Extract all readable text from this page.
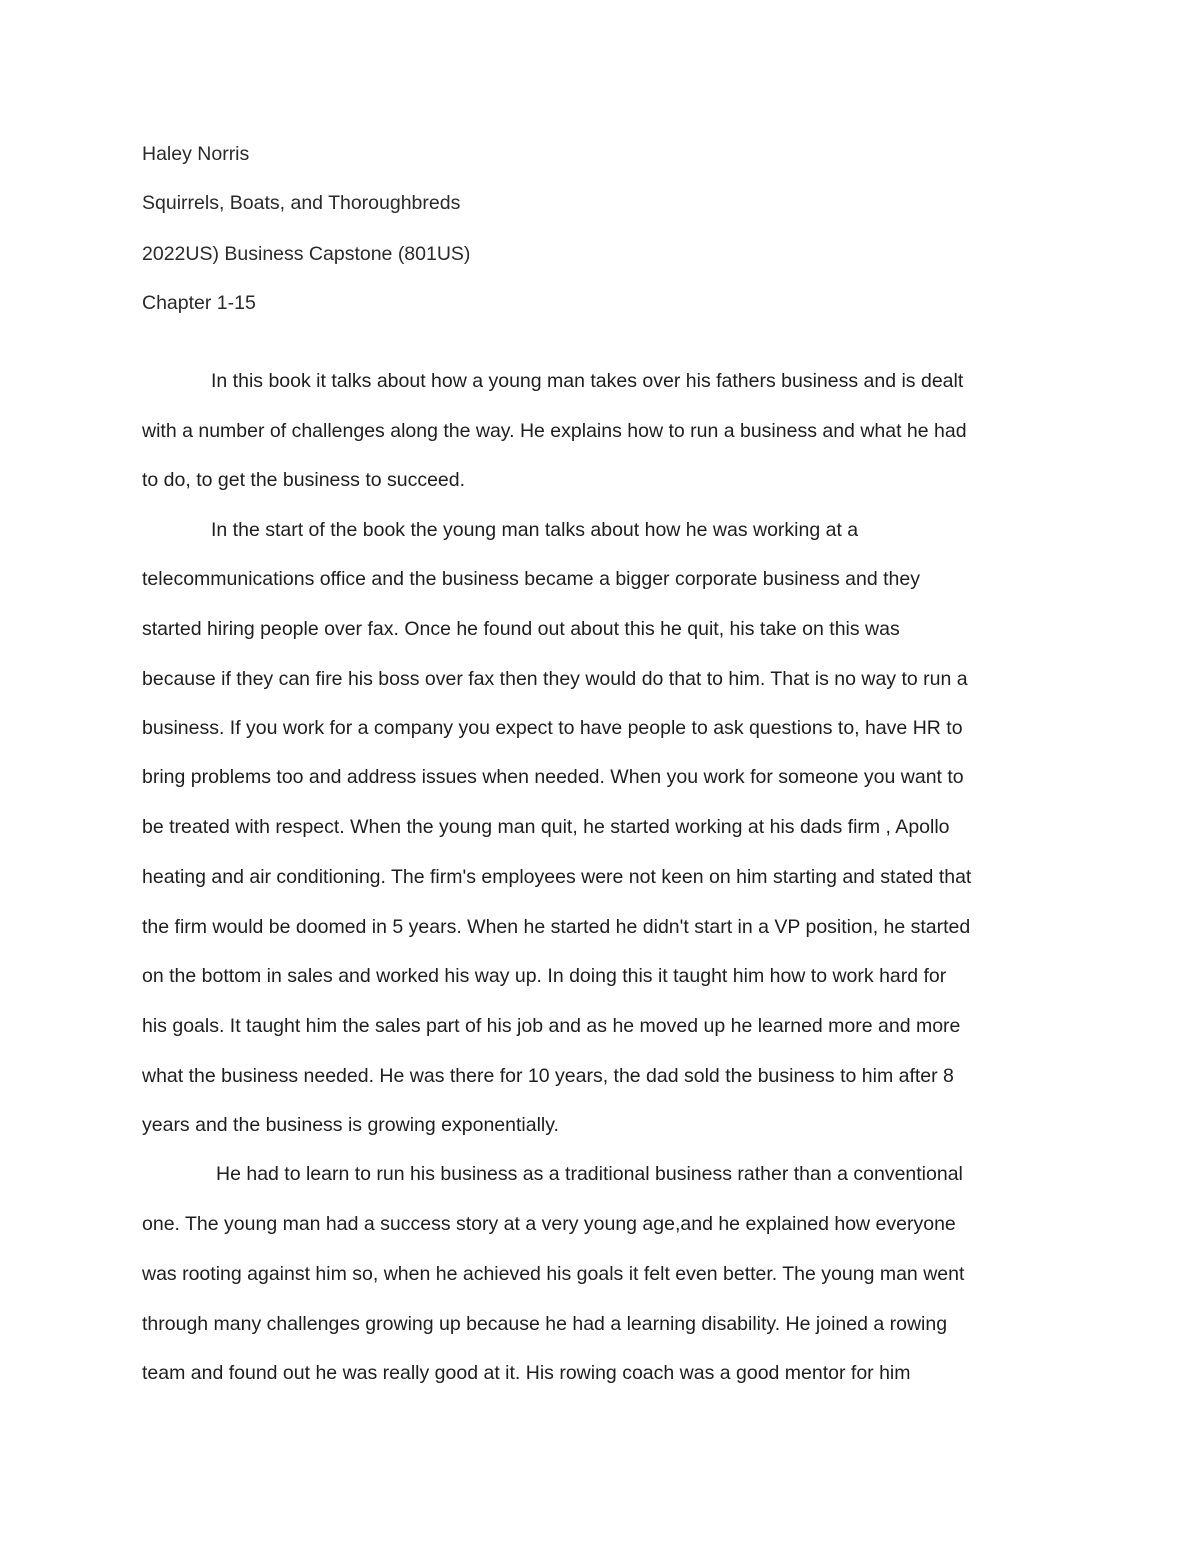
Haley Norris

Squirrels, Boats, and Thoroughbreds

2022US) Business Capstone (801US)

Chapter 1-15

In this book it talks about how a young man takes over his fathers business and is dealt

with a number of challenges along the way. He explains how to run a business and what he had

to do, to get the business to succeed.

In the start of the book the young man talks about how he was working at a

telecommunications office and the business became a bigger corporate business and they

started hiring people over fax. Once he found out about this he quit, his take on this was

because if they can fire his boss over fax then they would do that to him. That is no way to run a

business. If you work for a company you expect to have people to ask questions to, have HR to

bring problems too and address issues when needed. When you work for someone you want to

be treated with respect. When the young man quit, he started working at his dads firm , Apollo

heating and air conditioning. The firm's employees were not keen on him starting and stated that

the firm would be doomed in 5 years. When he started he didn't start in a VP position, he started

on the bottom in sales and worked his way up. In doing this it taught him how to work hard for

his goals. It taught him the sales part of his job and as he moved up he learned more and more

what the business needed. He was there for 10 years, the dad sold the business to him after 8

years and the business is growing exponentially.

He had to learn to run his business as a traditional business rather than a conventional

one. The young man had a success story at a very young age,and he explained how everyone

was rooting against him so, when he achieved his goals it felt even better. The young man went

through many challenges growing up because he had a learning disability. He joined a rowing

team and found out he was really good at it. His rowing coach was a good mentor for him
